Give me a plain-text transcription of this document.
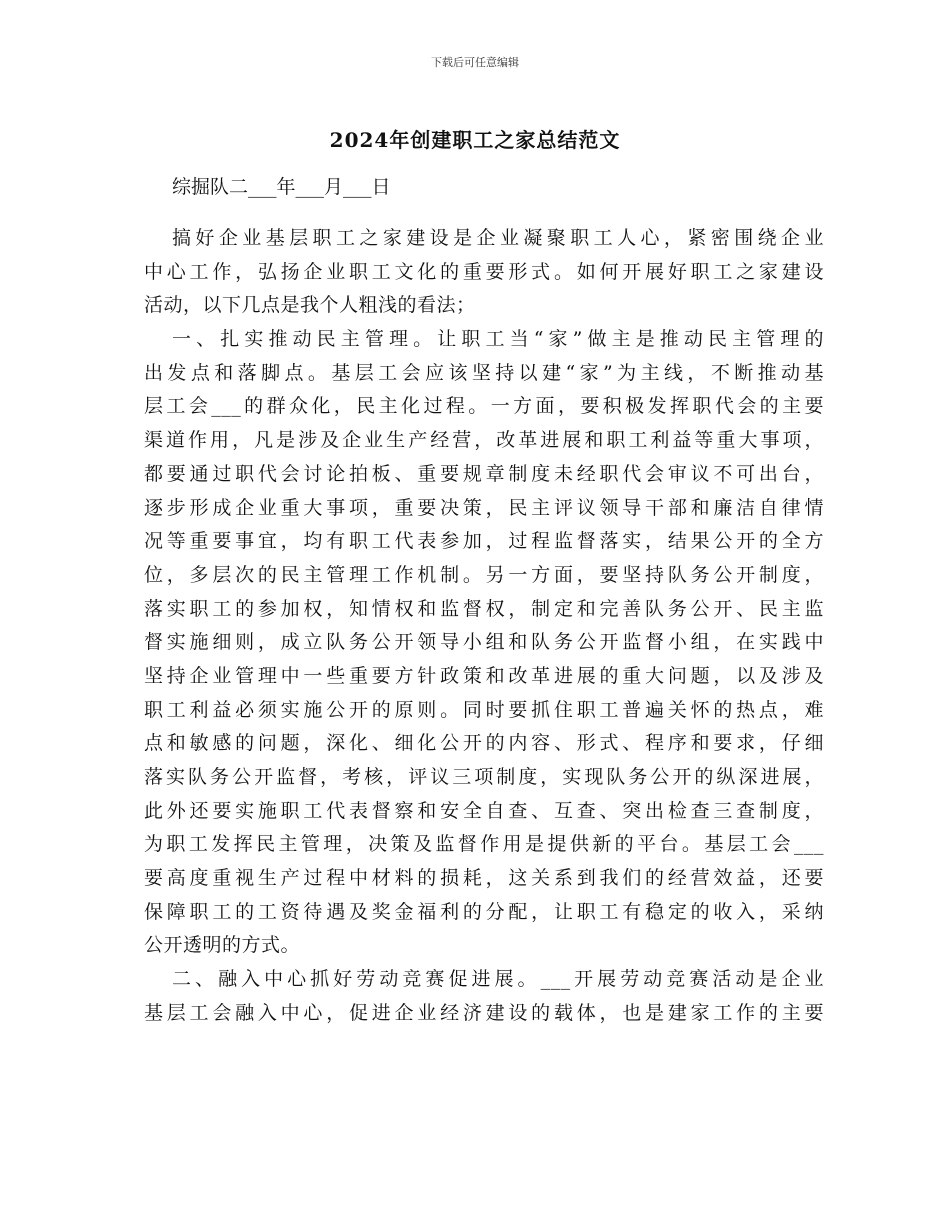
下载后可任意编辑
2024年创建职工之家总结范文
综掘队二___年___月___日
搞好企业基层职工之家建设是企业凝聚职工人心，紧密围绕企业
中心工作，弘扬企业职工文化的重要形式。如何开展好职工之家建设
活动，以下几点是我个人粗浅的看法；
一、扎实推动民主管理。让职工当“家”做主是推动民主管理的
出发点和落脚点。基层工会应该坚持以建“家”为主线，不断推动基
层工会___的群众化，民主化过程。一方面，要积极发挥职代会的主要
渠道作用，凡是涉及企业生产经营，改革进展和职工利益等重大事项，
都要通过职代会讨论拍板、重要规章制度未经职代会审议不可出台，
逐步形成企业重大事项，重要决策，民主评议领导干部和廉洁自律情
况等重要事宜，均有职工代表参加，过程监督落实，结果公开的全方
位，多层次的民主管理工作机制。另一方面，要坚持队务公开制度，
落实职工的参加权，知情权和监督权，制定和完善队务公开、民主监
督实施细则，成立队务公开领导小组和队务公开监督小组，在实践中
坚持企业管理中一些重要方针政策和改革进展的重大问题，以及涉及
职工利益必须实施公开的原则。同时要抓住职工普遍关怀的热点，难
点和敏感的问题，深化、细化公开的内容、形式、程序和要求，仔细
落实队务公开监督，考核，评议三项制度，实现队务公开的纵深进展，
此外还要实施职工代表督察和安全自查、互查、突出检查三查制度，
为职工发挥民主管理，决策及监督作用是提供新的平台。基层工会___
要高度重视生产过程中材料的损耗，这关系到我们的经营效益，还要
保障职工的工资待遇及奖金福利的分配，让职工有稳定的收入，采纳
公开透明的方式。
二、融入中心抓好劳动竞赛促进展。___开展劳动竞赛活动是企业
基层工会融入中心，促进企业经济建设的载体，也是建家工作的主要
